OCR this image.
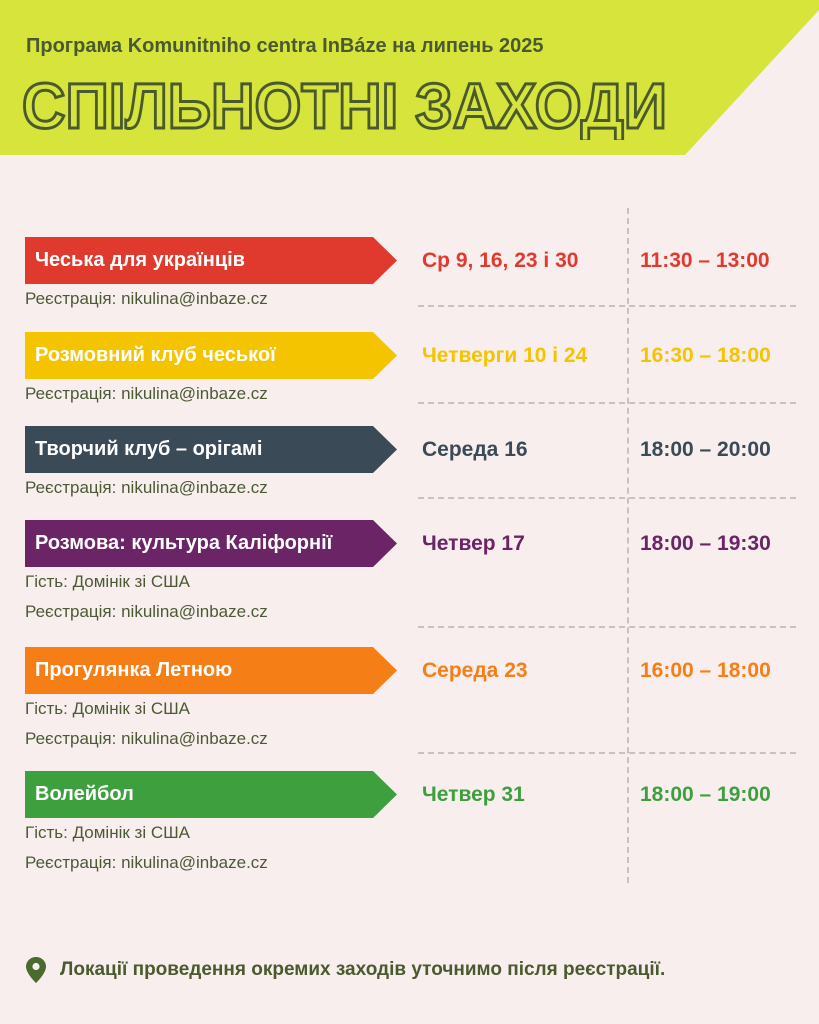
Програма Komunitniho centra InBáze на липень 2025
СПІЛЬНОТНІ ЗАХОДИ
Чеська для українців	Ср 9, 16, 23 і 30	11:30 – 13:00
Реєстрація: nikulina@inbaze.cz
Розмовний клуб чеської	Четверги 10 і 24	16:30 – 18:00
Реєстрація: nikulina@inbaze.cz
Творчий клуб – орігамі	Середа 16	18:00 – 20:00
Реєстрація: nikulina@inbaze.cz
Розмова: культура Каліфорнії	Четвер 17	18:00 – 19:30
Гість: Домінік зі США
Реєстрація: nikulina@inbaze.cz
Прогулянка Летною	Середа 23	16:00 – 18:00
Гість: Домінік зі США
Реєстрація: nikulina@inbaze.cz
Волейбол	Четвер 31	18:00 – 19:00
Гість: Домінік зі США
Реєстрація: nikulina@inbaze.cz
Локації проведення окремих заходів уточнимо після реєстрації.
